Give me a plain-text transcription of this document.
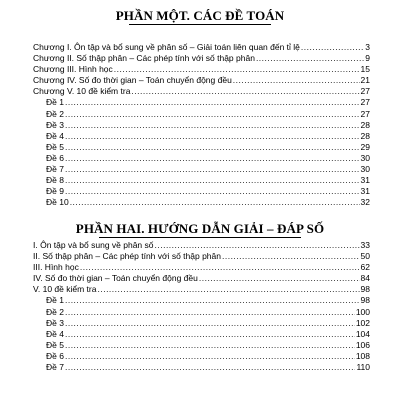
PHẦN MỘT. CÁC ĐỀ TOÁN
Chương I. Ôn tập và bổ sung về phân số – Giải toán liên quan đến tỉ lệ .....	3
Chương II. Số thập phân – Các phép tính với số thập phân .....	9
Chương III. Hình học .....	15
Chương IV. Số đo thời gian – Toán chuyển động đều .....	21
Chương V. 10 đề kiểm tra .....	27
Đề 1 .....	27
Đề 2 .....	27
Đề 3 .....	28
Đề 4 .....	28
Đề 5 .....	29
Đề 6 .....	30
Đề 7 .....	30
Đề 8 .....	31
Đề 9 .....	31
Đề 10 .....	32
PHẦN HAI. HƯỚNG DẪN GIẢI – ĐÁP SỐ
I. Ôn tập và bổ sung về phân số .....	33
II. Số thập phân – Các phép tính với số thập phân .....	50
III. Hình học .....	62
IV. Số đo thời gian – Toán chuyển động đều .....	84
V. 10 đề kiểm tra .....	98
Đề 1 .....	98
Đề 2 .....	100
Đề 3 .....	102
Đề 4 .....	104
Đề 5 .....	106
Đề 6 .....	108
Đề 7 .....	110
